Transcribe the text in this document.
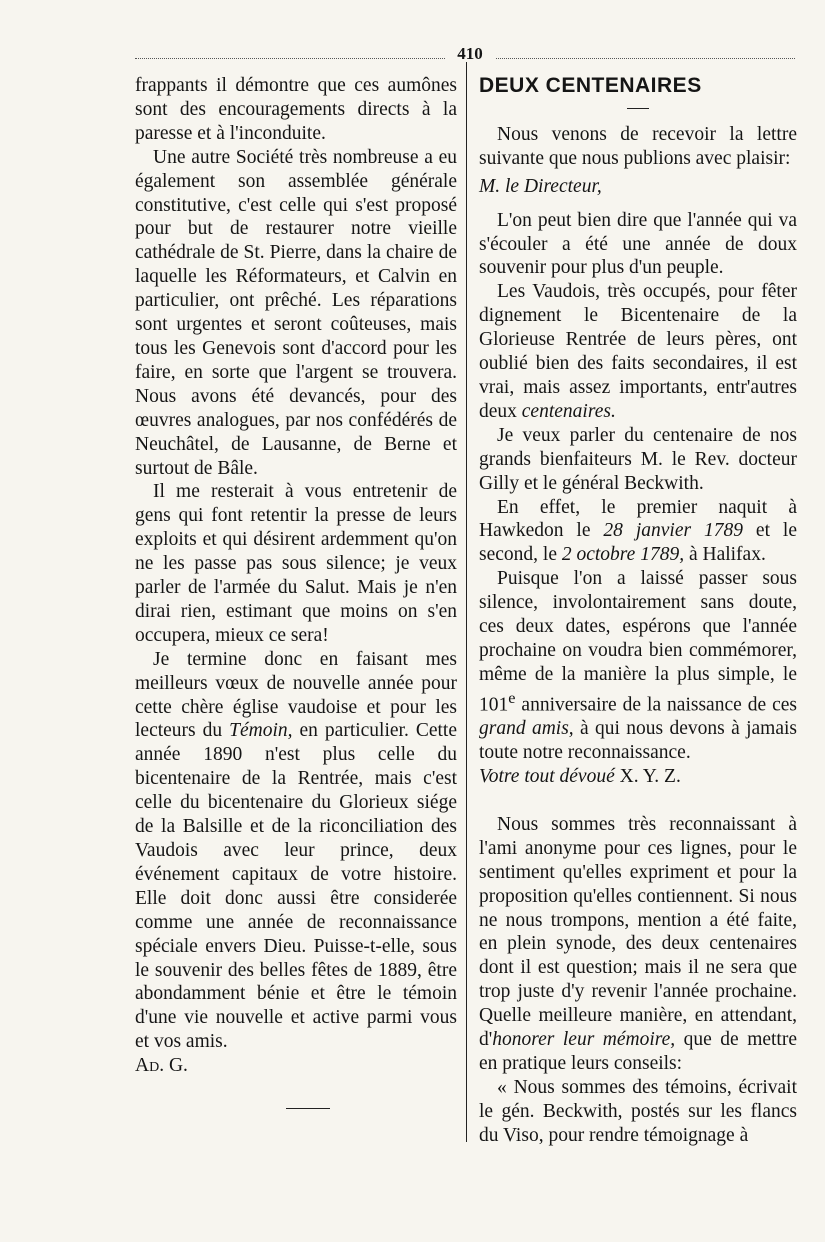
410

frappants il démontre que ces aumônes sont des encouragements directs à la paresse et à l'inconduite.

Une autre Société très nombreuse a eu également son assemblée générale constitutive, c'est celle qui s'est proposé pour but de restaurer notre vieille cathédrale de St. Pierre, dans la chaire de laquelle les Réformateurs, et Calvin en particulier, ont prêché. Les réparations sont urgentes et seront coûteuses, mais tous les Genevois sont d'accord pour les faire, en sorte que l'argent se trouvera. Nous avons été devancés, pour des œuvres analogues, par nos confédérés de Neuchâtel, de Lausanne, de Berne et surtout de Bâle.

Il me resterait à vous entretenir de gens qui font retentir la presse de leurs exploits et qui désirent ardemment qu'on ne les passe pas sous silence; je veux parler de l'armée du Salut. Mais je n'en dirai rien, estimant que moins on s'en occupera, mieux ce sera!

Je termine donc en faisant mes meilleurs vœux de nouvelle année pour cette chère église vaudoise et pour les lecteurs du Témoin, en particulier. Cette année 1890 n'est plus celle du bicentenaire de la Rentrée, mais c'est celle du bicentenaire du Glorieux siége de la Balsille et de la riconciliation des Vaudois avec leur prince, deux événement capitaux de votre histoire. Elle doit donc aussi être considerée comme une année de reconnaissance spéciale envers Dieu. Puisse-t-elle, sous le souvenir des belles fêtes de 1889, être abondamment bénie et être le témoin d'une vie nouvelle et active parmi vous et vos amis.

Ad. G.

DEUX CENTENAIRES

Nous venons de recevoir la lettre suivante que nous publions avec plaisir:

M. le Directeur,

L'on peut bien dire que l'année qui va s'écouler a été une année de doux souvenir pour plus d'un peuple.

Les Vaudois, très occupés, pour fêter dignement le Bicentenaire de la Glorieuse Rentrée de leurs pères, ont oublié bien des faits secondaires, il est vrai, mais assez importants, entr'autres deux centenaires.

Je veux parler du centenaire de nos grands bienfaiteurs M. le Rev. docteur Gilly et le général Beckwith.

En effet, le premier naquit à Hawkedon le 28 janvier 1789 et le second, le 2 octobre 1789, à Halifax.

Puisque l'on a laissé passer sous silence, involontairement sans doute, ces deux dates, espérons que l'année prochaine on voudra bien commémorer, même de la manière la plus simple, le 101e anniversaire de la naissance de ces grand amis, à qui nous devons à jamais toute notre reconnaissance.

Votre tout dévoué X. Y. Z.

Nous sommes très reconnaissant à l'ami anonyme pour ces lignes, pour le sentiment qu'elles expriment et pour la proposition qu'elles contiennent. Si nous ne nous trompons, mention a été faite, en plein synode, des deux centenaires dont il est question; mais il ne sera que trop juste d'y revenir l'année prochaine. Quelle meilleure manière, en attendant, d'honorer leur mémoire, que de mettre en pratique leurs conseils:

« Nous sommes des témoins, écrivait le gén. Beckwith, postés sur les flancs du Viso, pour rendre témoignage à
